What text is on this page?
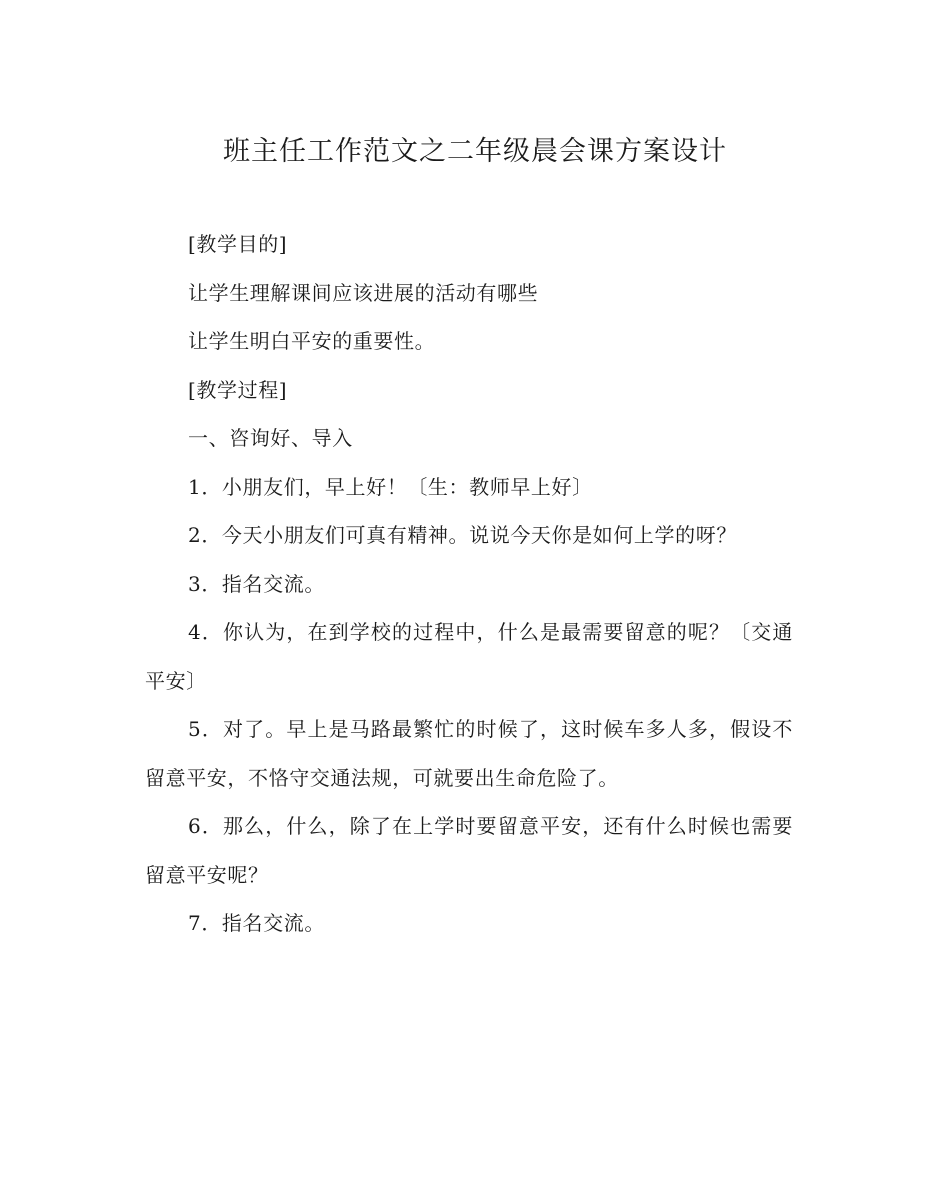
班主任工作范文之二年级晨会课方案设计

[教学目的]

让学生理解课间应该进展的活动有哪些

让学生明白平安的重要性。

[教学过程]

一、咨询好、导入

1．小朋友们，早上好！〔生：教师早上好〕

2．今天小朋友们可真有精神。说说今天你是如何上学的呀？

3．指名交流。

4．你认为，在到学校的过程中，什么是最需要留意的呢？〔交通平安〕

5．对了。早上是马路最繁忙的时候了，这时候车多人多，假设不留意平安，不恪守交通法规，可就要出生命危险了。

6．那么，什么，除了在上学时要留意平安，还有什么时候也需要留意平安呢？

7．指名交流。
